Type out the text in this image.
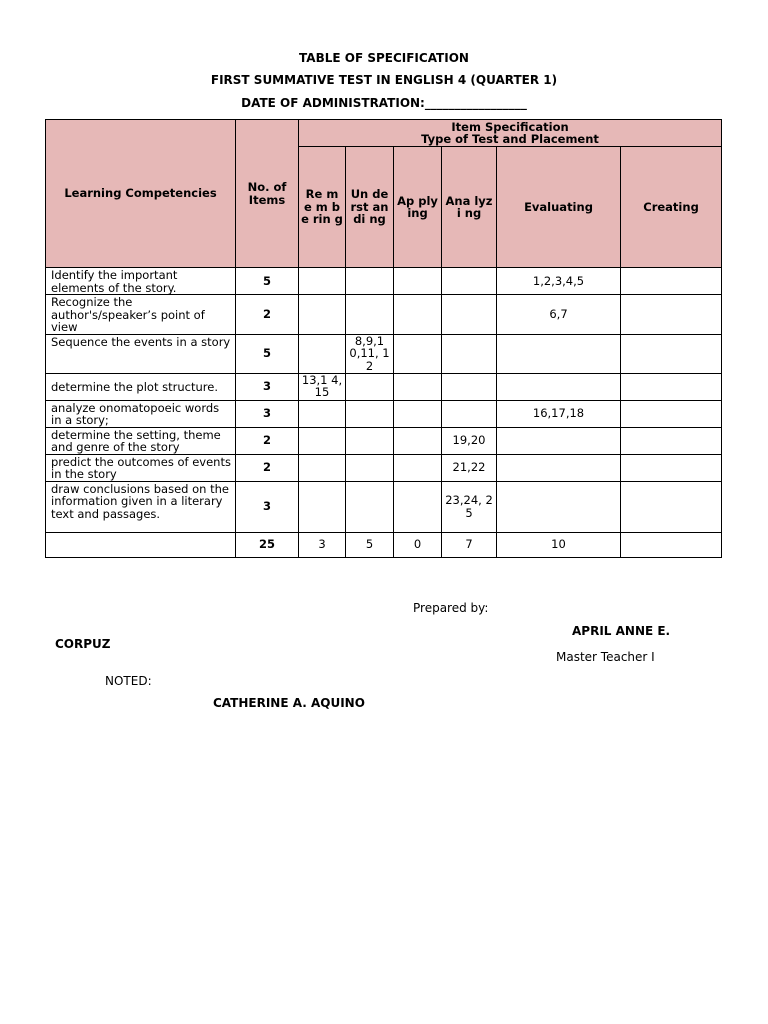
TABLE OF SPECIFICATION
FIRST SUMMATIVE TEST IN ENGLISH 4 (QUARTER 1)
DATE OF ADMINISTRATION:_________________
Learning Competencies	No. of Items	Item Specification
Type of Test and Placement					

		Re m e m be rin g	Un de rst an di ng	Ap ply ing	Ana lyzi ng	Evaluating	Creating
Identify the important elements of the story.	5					1,2,3,4,5	
Recognize the author's/speaker’s point of view	2					6,7	
Sequence the events in a story	5		8,9,1 0,11, 12				
determine the plot structure.	3	13,1 4,15					
analyze onomatopoeic words in a story;	3					16,17,18	
determine the setting, theme and genre of the story	2				19,20		
predict the outcomes of events in the story	2				21,22		
draw conclusions based on the information given in a literary text and passages.	3				23,24, 25		
	25	3	5	0	7	10	
Prepared by:
APRIL ANNE E.
CORPUZ
Master Teacher I
NOTED:
CATHERINE A. AQUINO
